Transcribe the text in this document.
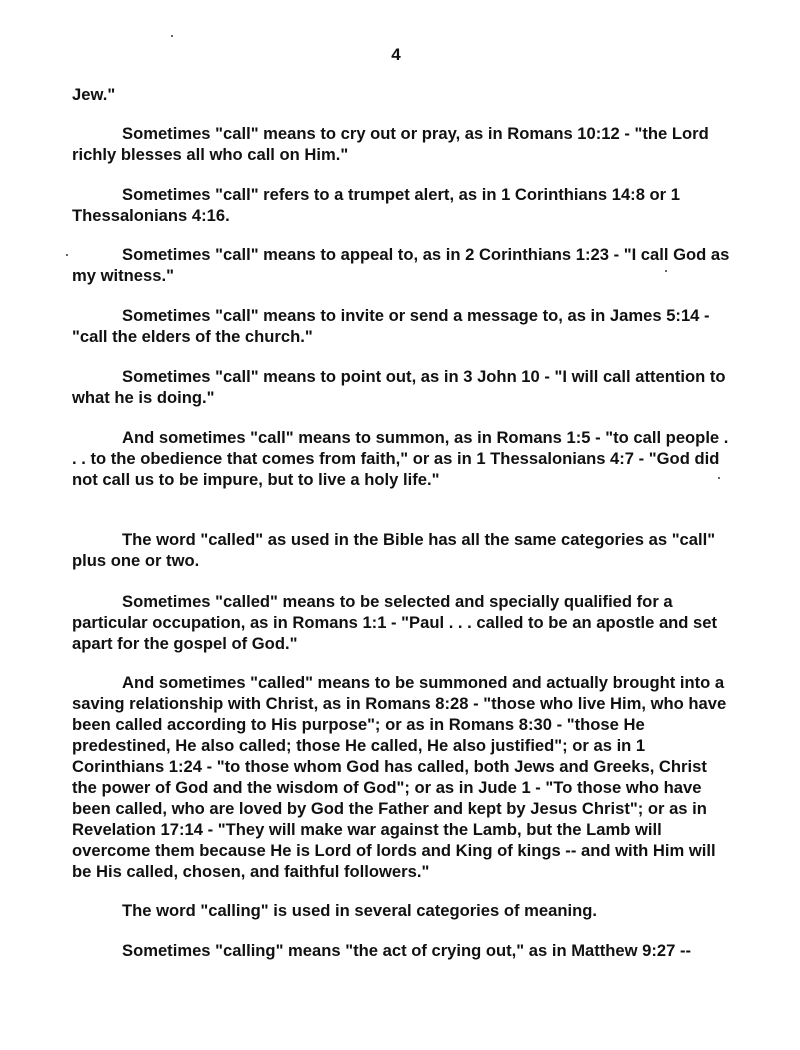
4

Jew."

Sometimes "call" means to cry out or pray, as in Romans 10:12 - "the Lord richly blesses all who call on Him."

Sometimes "call" refers to a trumpet alert, as in 1 Corinthians 14:8 or 1 Thessalonians 4:16.

Sometimes "call" means to appeal to, as in 2 Corinthians 1:23 - "I call God as my witness."

Sometimes "call" means to invite or send a message to, as in James 5:14 - "call the elders of the church."

Sometimes "call" means to point out, as in 3 John 10 - "I will call attention to what he is doing."

And sometimes "call" means to summon, as in Romans 1:5 - "to call people . . . to the obedience that comes from faith," or as in 1 Thessalonians 4:7 - "God did not call us to be impure, but to live a holy life."

The word "called" as used in the Bible has all the same categories as "call" plus one or two.

Sometimes "called" means to be selected and specially qualified for a particular occupation, as in Romans 1:1 - "Paul . . . called to be an apostle and set apart for the gospel of God."

And sometimes "called" means to be summoned and actually brought into a saving relationship with Christ, as in Romans 8:28 - "those who live Him, who have been called according to His purpose"; or as in Romans 8:30 - "those He predestined, He also called; those He called, He also justified"; or as in 1 Corinthians 1:24 - "to those whom God has called, both Jews and Greeks, Christ the power of God and the wisdom of God"; or as in Jude 1 - "To those who have been called, who are loved by God the Father and kept by Jesus Christ"; or as in Revelation 17:14 - "They will make war against the Lamb, but the Lamb will overcome them because He is Lord of lords and King of kings -- and with Him will be His called, chosen, and faithful followers."

The word "calling" is used in several categories of meaning.

Sometimes "calling" means "the act of crying out," as in Matthew 9:27 --
